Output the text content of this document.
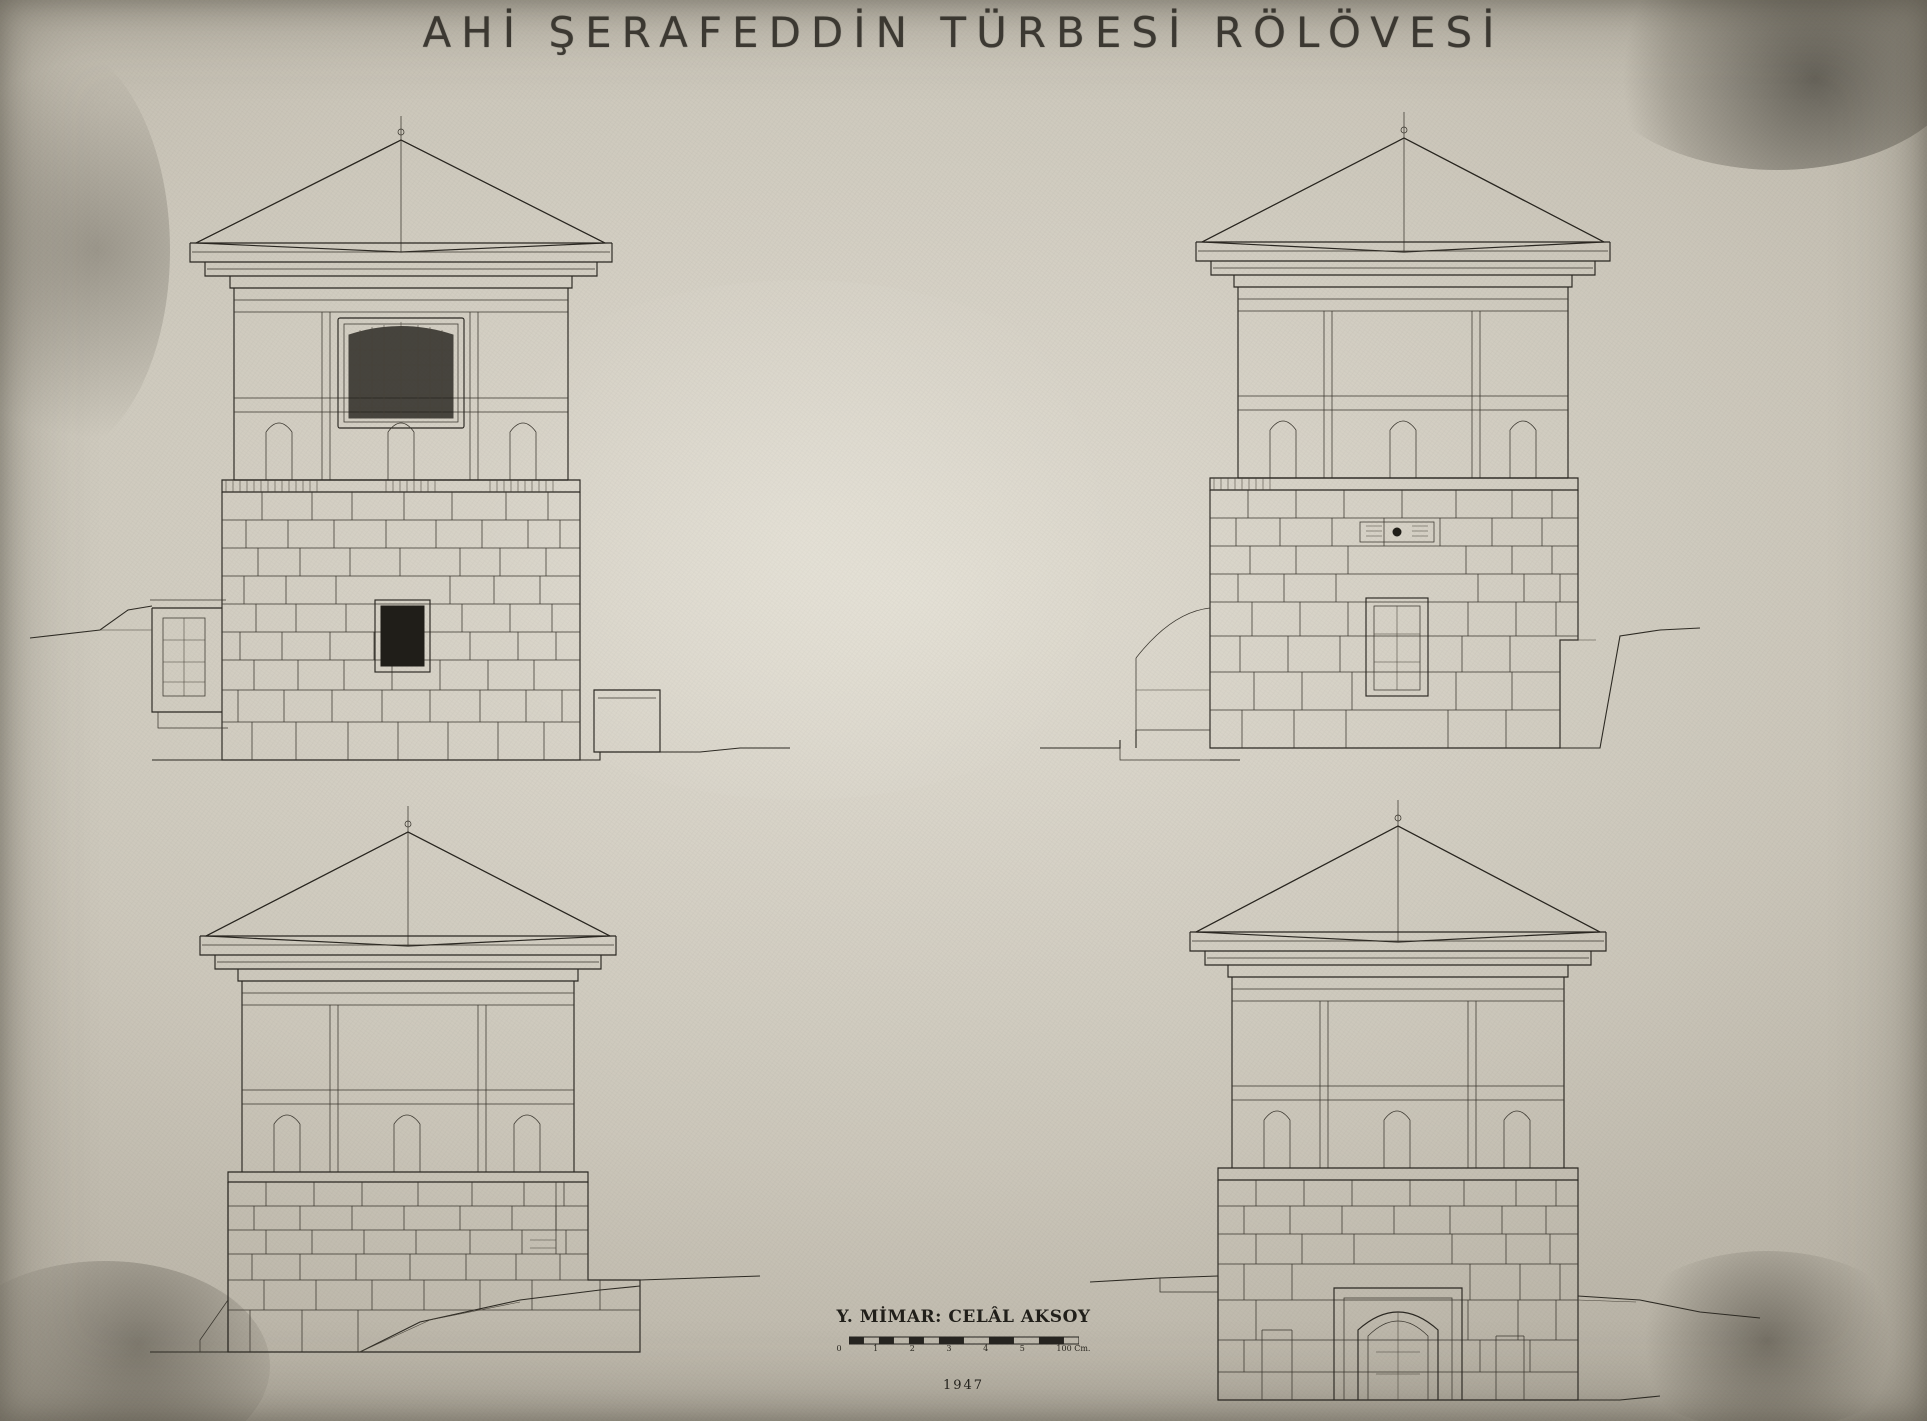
AHİ ŞERAFEDDİN TÜRBESİ RÖLÖVESİ
Y. MİMAR: CELÂL AKSOY
0	1	2	3	4	5	100 Cm.
1947
